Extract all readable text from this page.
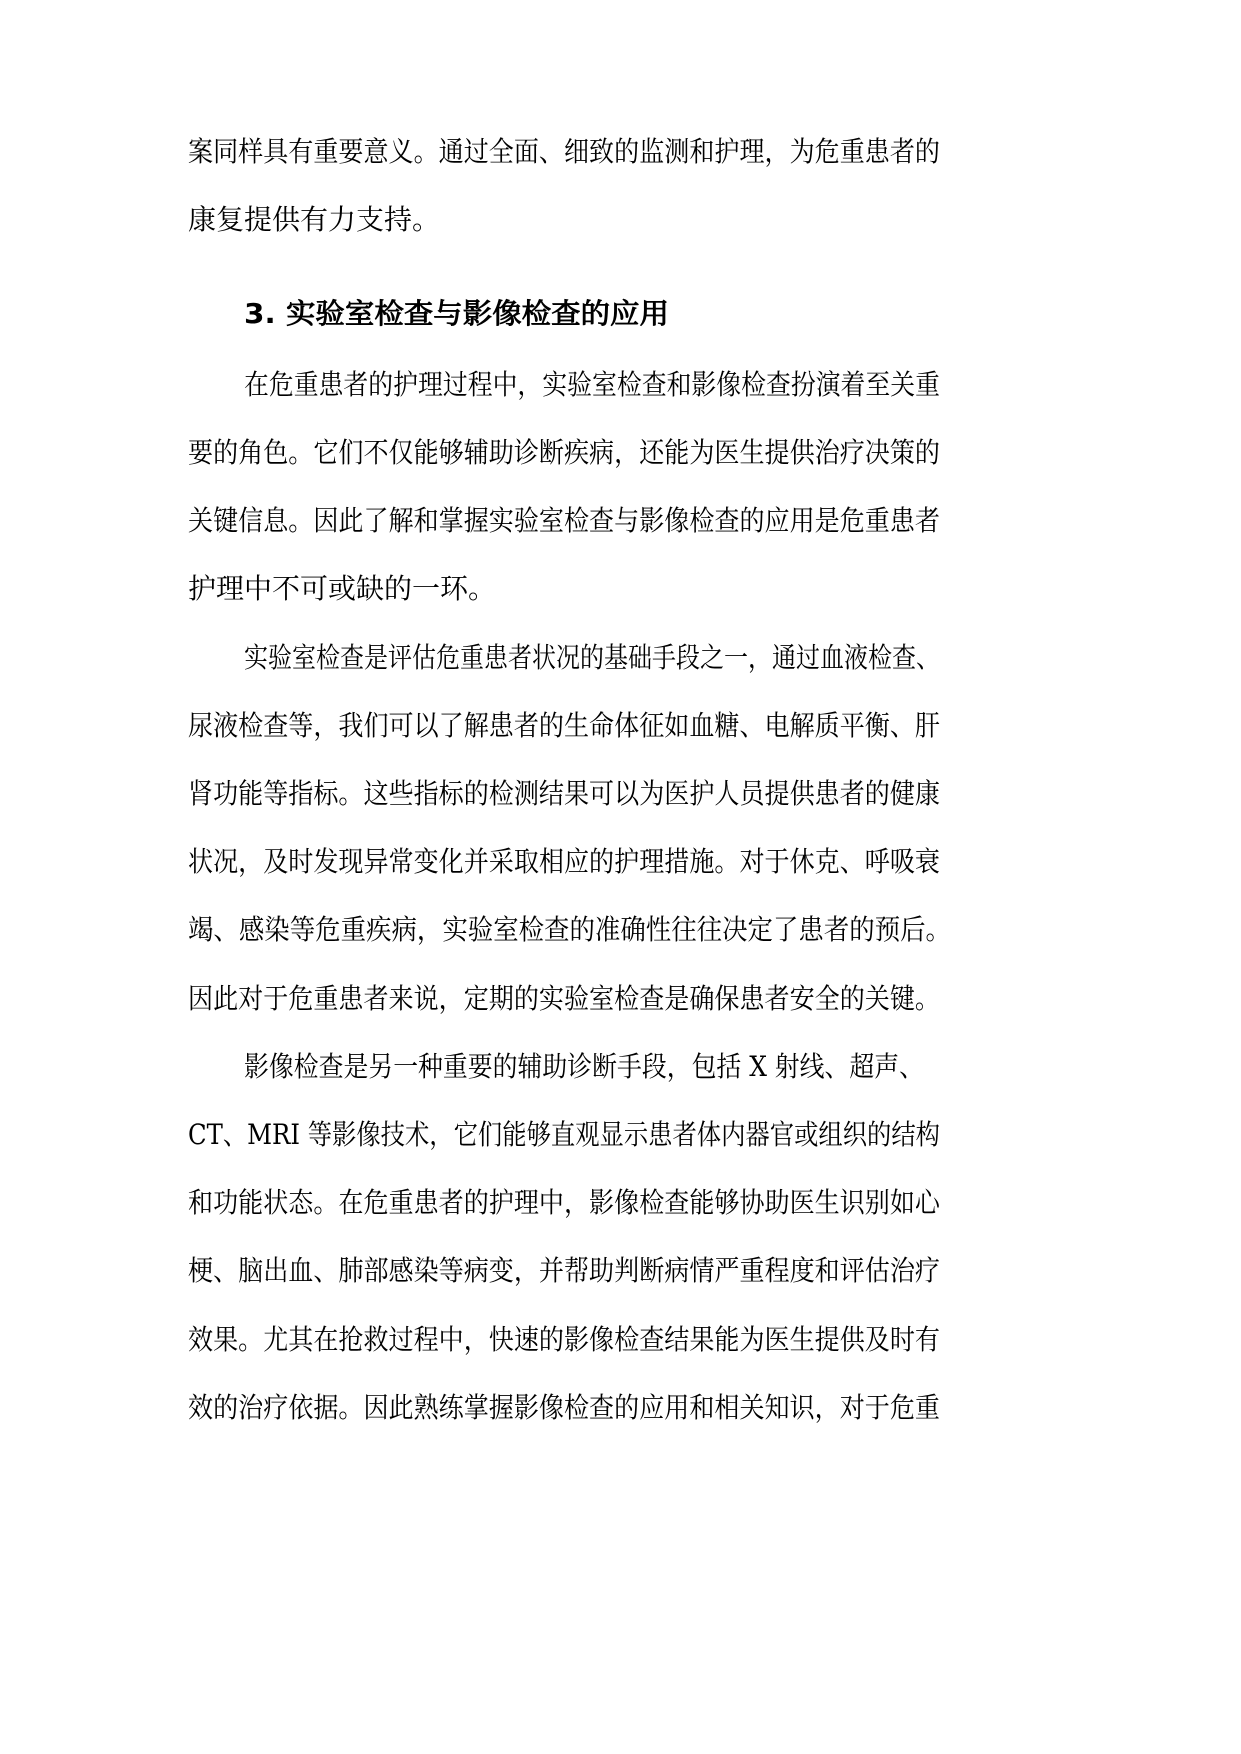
案同样具有重要意义。通过全面、细致的监测和护理，为危重患者的

康复提供有力支持。

3. 实验室检查与影像检查的应用

在危重患者的护理过程中，实验室检查和影像检查扮演着至关重

要的角色。它们不仅能够辅助诊断疾病，还能为医生提供治疗决策的

关键信息。因此了解和掌握实验室检查与影像检查的应用是危重患者

护理中不可或缺的一环。

实验室检查是评估危重患者状况的基础手段之一，通过血液检查、

尿液检查等，我们可以了解患者的生命体征如血糖、电解质平衡、肝

肾功能等指标。这些指标的检测结果可以为医护人员提供患者的健康

状况，及时发现异常变化并采取相应的护理措施。对于休克、呼吸衰

竭、感染等危重疾病，实验室检查的准确性往往决定了患者的预后。

因此对于危重患者来说，定期的实验室检查是确保患者安全的关键。

影像检查是另一种重要的辅助诊断手段，包括 X 射线、超声、

CT、MRI 等影像技术，它们能够直观显示患者体内器官或组织的结构

和功能状态。在危重患者的护理中，影像检查能够协助医生识别如心

梗、脑出血、肺部感染等病变，并帮助判断病情严重程度和评估治疗

效果。尤其在抢救过程中，快速的影像检查结果能为医生提供及时有

效的治疗依据。因此熟练掌握影像检查的应用和相关知识，对于危重
